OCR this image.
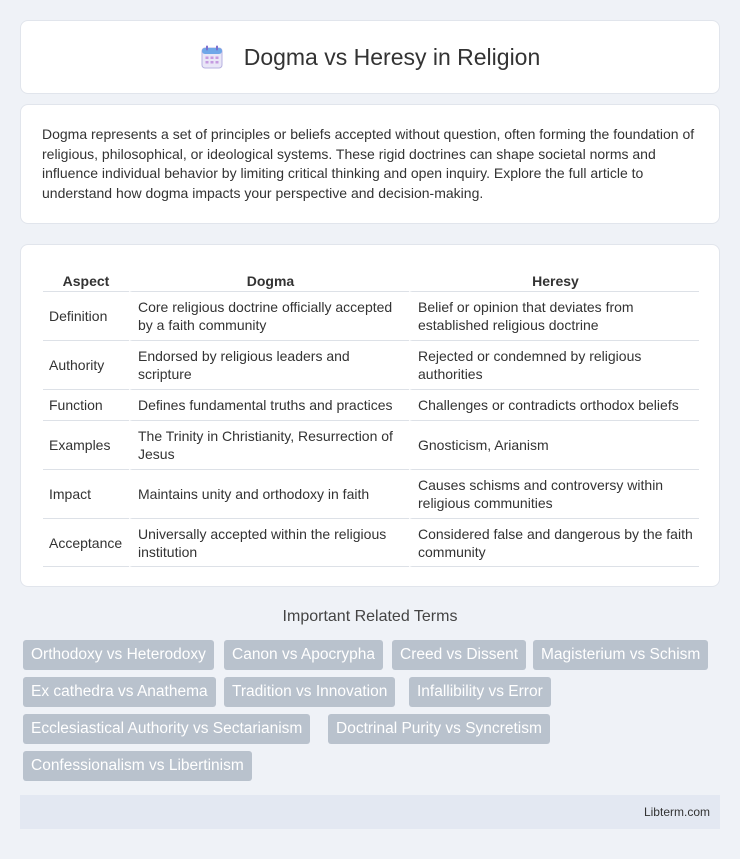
Dogma vs Heresy in Religion

Dogma represents a set of principles or beliefs accepted without question, often forming the foundation of religious, philosophical, or ideological systems. These rigid doctrines can shape societal norms and influence individual behavior by limiting critical thinking and open inquiry. Explore the full article to understand how dogma impacts your perspective and decision-making.

Aspect	Dogma	Heresy
Definition	Core religious doctrine officially accepted by a faith community	Belief or opinion that deviates from established religious doctrine
Authority	Endorsed by religious leaders and scripture	Rejected or condemned by religious authorities
Function	Defines fundamental truths and practices	Challenges or contradicts orthodox beliefs
Examples	The Trinity in Christianity, Resurrection of Jesus	Gnosticism, Arianism
Impact	Maintains unity and orthodoxy in faith	Causes schisms and controversy within religious communities
Acceptance	Universally accepted within the religious institution	Considered false and dangerous by the faith community
Important Related Terms
Orthodoxy vs Heterodoxy	Canon vs Apocrypha	Creed vs Dissent	Magisterium vs Schism
Ex cathedra vs Anathema	Tradition vs Innovation	Infallibility vs Error
Ecclesiastical Authority vs Sectarianism	Doctrinal Purity vs Syncretism
Confessionalism vs Libertinism
Libterm.com
